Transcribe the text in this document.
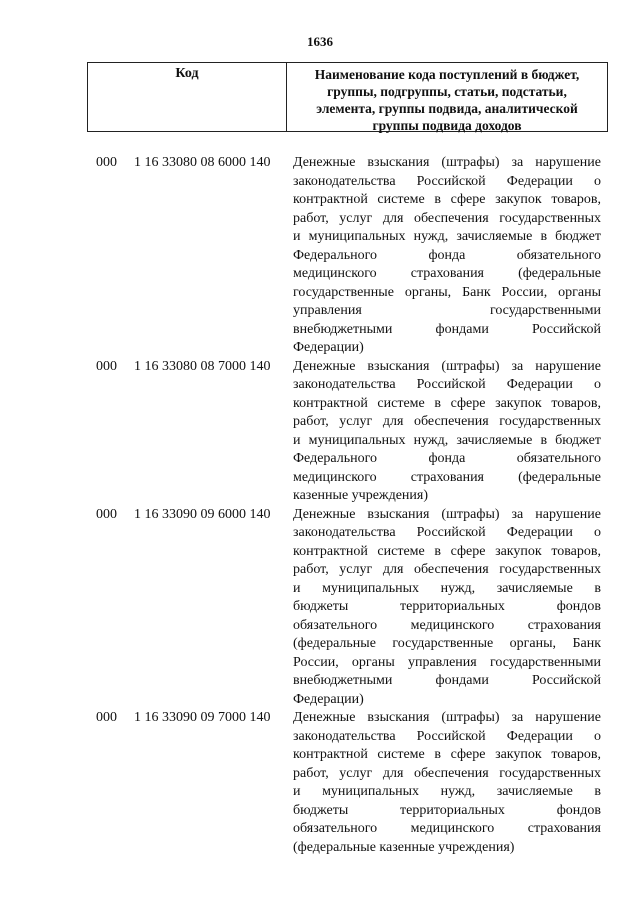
1636
Код	Наименование кода поступлений в бюджет,
группы, подгруппы, статьи, подстатьи,
элемента, группы подвида, аналитической
группы подвида доходов
000 1 16 33080 08 6000 140 Денежные взыскания (штрафы) за нарушение
законодательства Российской Федерации о
контрактной системе в сфере закупок товаров,
работ, услуг для обеспечения государственных
и муниципальных нужд, зачисляемые в бюджет
Федерального фонда обязательного
медицинского страхования (федеральные
государственные органы, Банк России, органы
управления государственными
внебюджетными фондами Российской
Федерации)
000 1 16 33080 08 7000 140 Денежные взыскания (штрафы) за нарушение
законодательства Российской Федерации о
контрактной системе в сфере закупок товаров,
работ, услуг для обеспечения государственных
и муниципальных нужд, зачисляемые в бюджет
Федерального фонда обязательного
медицинского страхования (федеральные
казенные учреждения)
000 1 16 33090 09 6000 140 Денежные взыскания (штрафы) за нарушение
законодательства Российской Федерации о
контрактной системе в сфере закупок товаров,
работ, услуг для обеспечения государственных
и муниципальных нужд, зачисляемые в
бюджеты территориальных фондов
обязательного медицинского страхования
(федеральные государственные органы, Банк
России, органы управления государственными
внебюджетными фондами Российской
Федерации)
000 1 16 33090 09 7000 140 Денежные взыскания (штрафы) за нарушение
законодательства Российской Федерации о
контрактной системе в сфере закупок товаров,
работ, услуг для обеспечения государственных
и муниципальных нужд, зачисляемые в
бюджеты территориальных фондов
обязательного медицинского страхования
(федеральные казенные учреждения)
